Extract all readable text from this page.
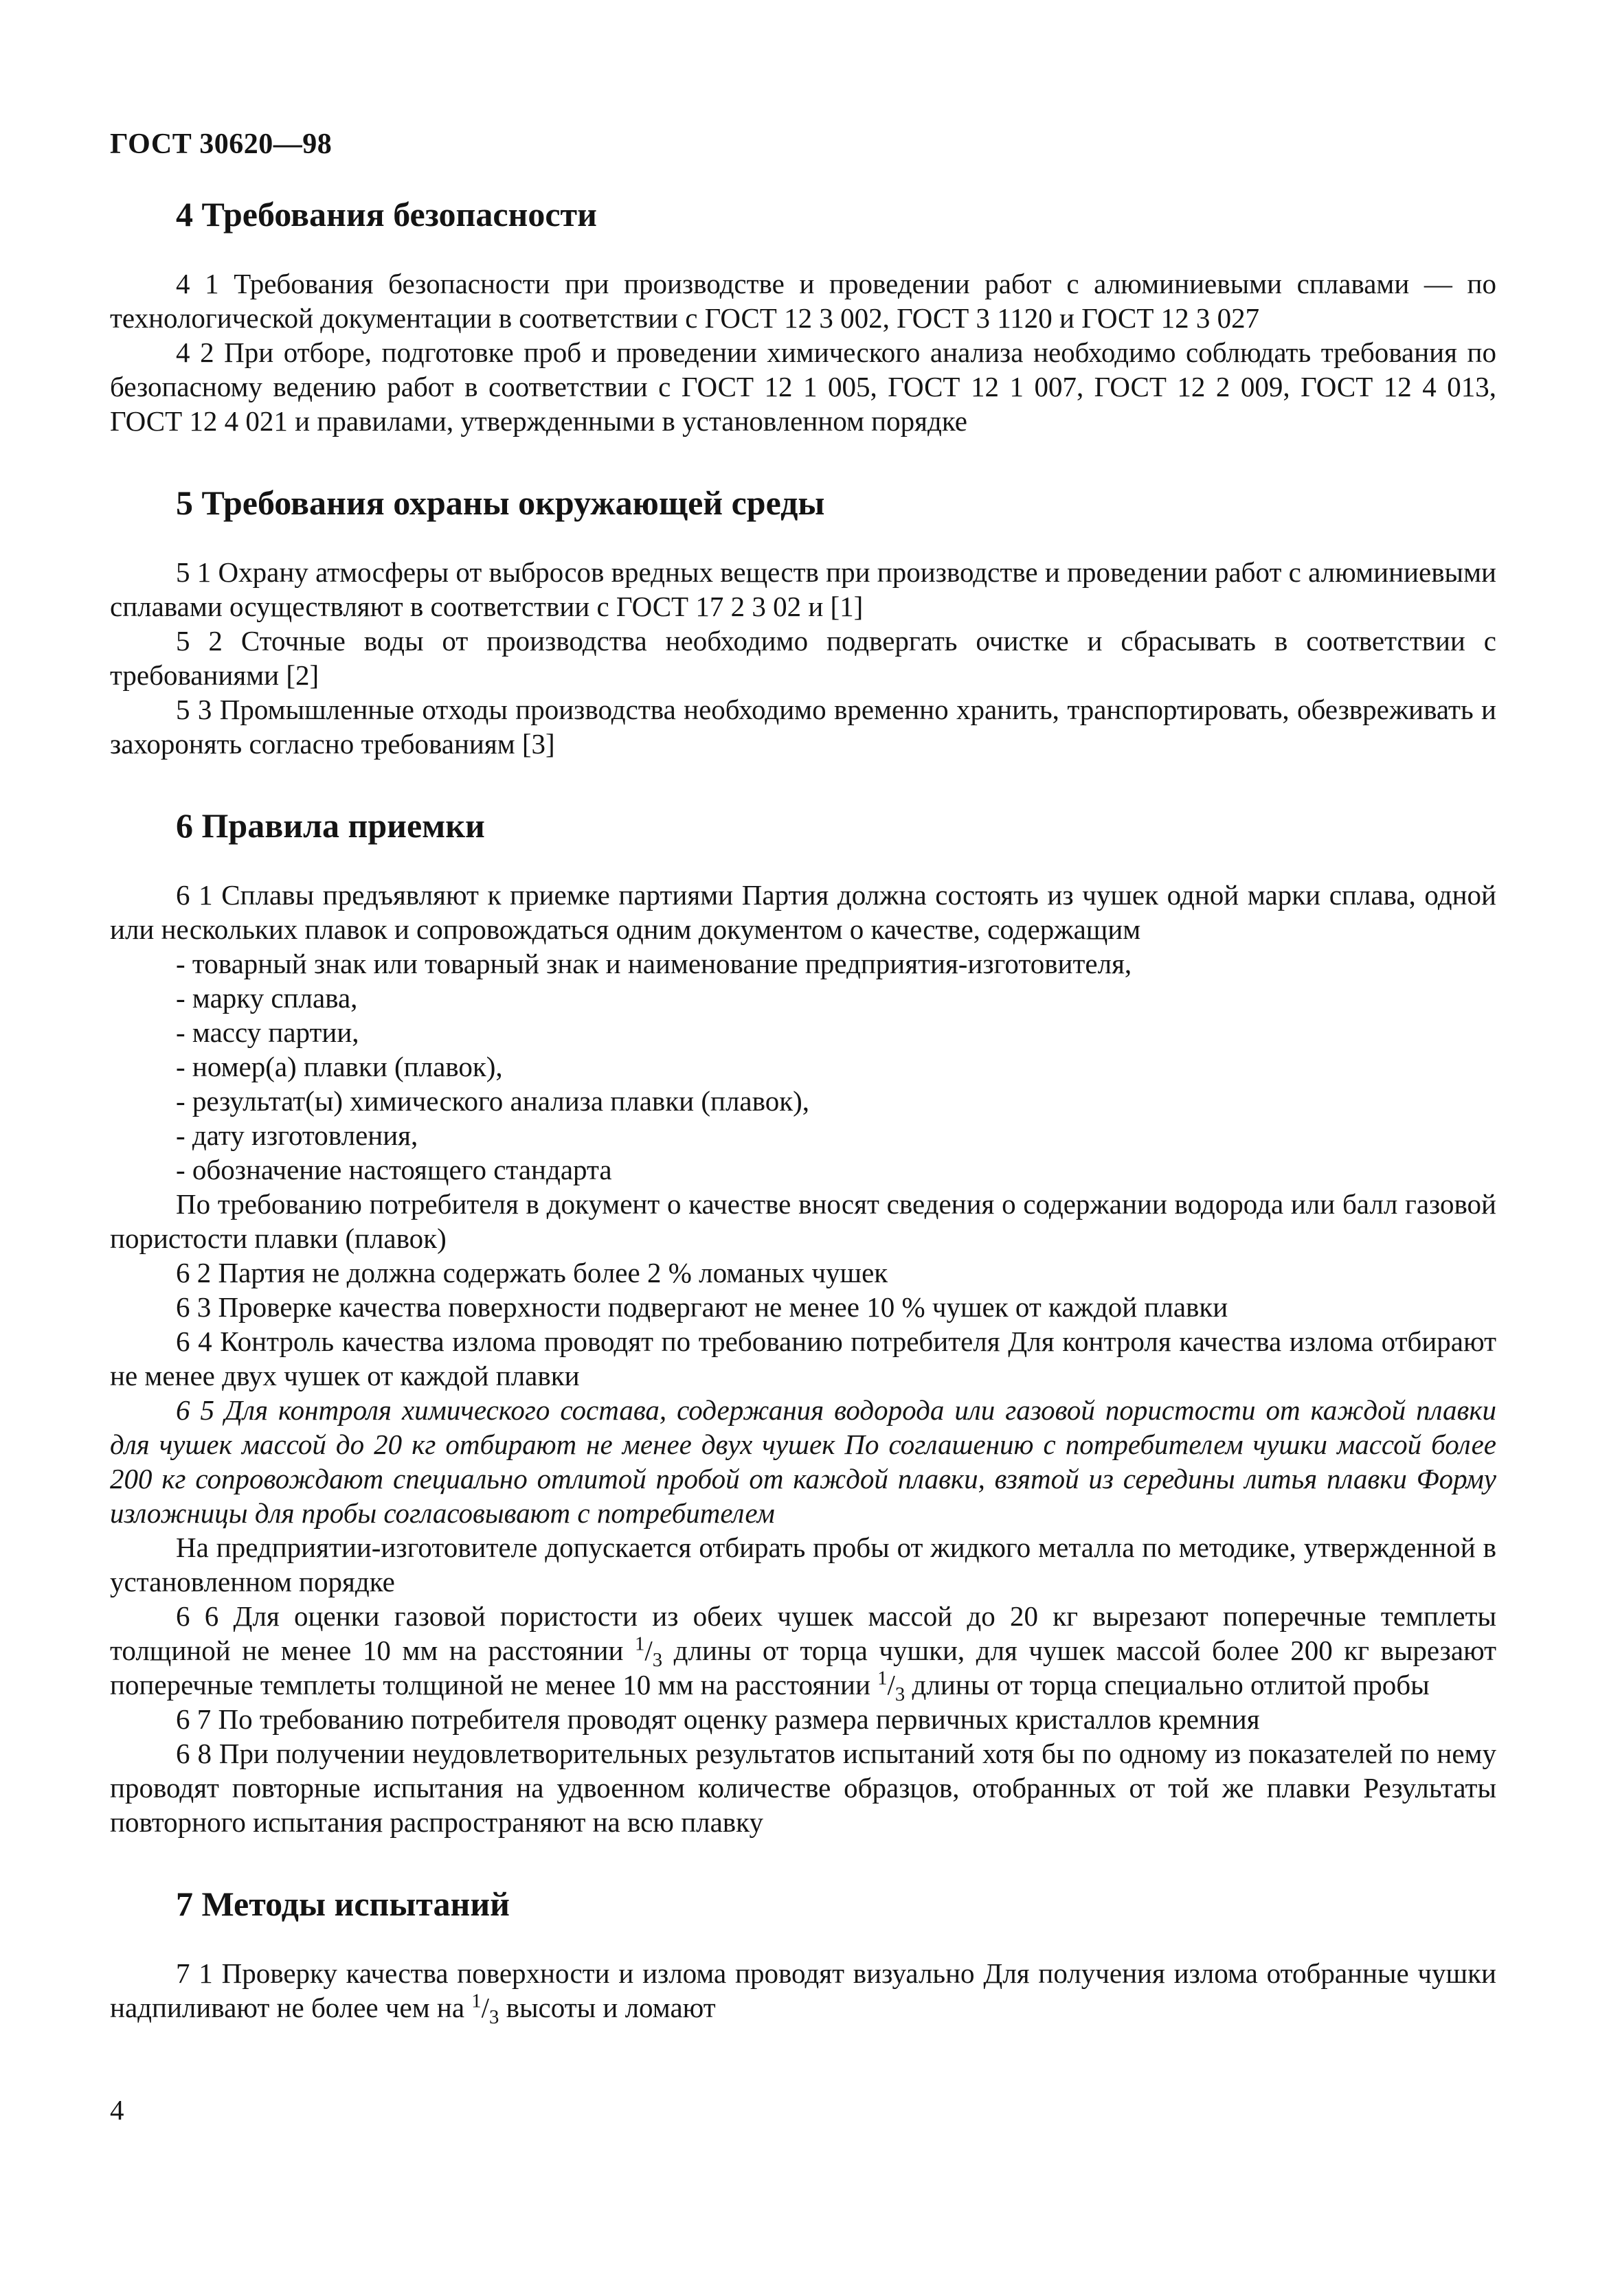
ГОСТ 30620—98
4 Требования безопасности

4 1 Требования безопасности при производстве и проведении работ с алюминиевыми сплавами — по технологической документации в соответствии с ГОСТ 12 3 002, ГОСТ 3 1120 и ГОСТ 12 3 027

4 2 При отборе, подготовке проб и проведении химического анализа необходимо соблюдать требования по безопасному ведению работ в соответствии с ГОСТ 12 1 005, ГОСТ 12 1 007, ГОСТ 12 2 009, ГОСТ 12 4 013, ГОСТ 12 4 021 и правилами, утвержденными в установленном порядке

5 Требования охраны окружающей среды

5 1 Охрану атмосферы от выбросов вредных веществ при производстве и проведении работ с алюминиевыми сплавами осуществляют в соответствии с ГОСТ 17 2 3 02 и [1]

5 2 Сточные воды от производства необходимо подвергать очистке и сбрасывать в соответствии с требованиями [2]

5 3 Промышленные отходы производства необходимо временно хранить, транспортировать, обезвреживать и захоронять согласно требованиям [3]

6 Правила приемки

6 1 Сплавы предъявляют к приемке партиями Партия должна состоять из чушек одной марки сплава, одной или нескольких плавок и сопровождаться одним документом о качестве, содержащим

- товарный знак или товарный знак и наименование предприятия-изготовителя,

- марку сплава,

- массу партии,

- номер(а) плавки (плавок),

- результат(ы) химического анализа плавки (плавок),

- дату изготовления,

- обозначение настоящего стандарта

По требованию потребителя в документ о качестве вносят сведения о содержании водорода или балл газовой пористости плавки (плавок)

6 2 Партия не должна содержать более 2 % ломаных чушек

6 3 Проверке качества поверхности подвергают не менее 10 % чушек от каждой плавки

6 4 Контроль качества излома проводят по требованию потребителя Для контроля качества излома отбирают не менее двух чушек от каждой плавки

6 5 Для контроля химического состава, содержания водорода или газовой пористости от каждой плавки для чушек массой до 20 кг отбирают не менее двух чушек По соглашению с потребителем чушки массой более 200 кг сопровождают специально отлитой пробой от каждой плавки, взятой из середины литья плавки Форму изложницы для пробы согласовывают с потребителем

На предприятии-изготовителе допускается отбирать пробы от жидкого металла по методике, утвержденной в установленном порядке

6 6 Для оценки газовой пористости из обеих чушек массой до 20 кг вырезают поперечные темплеты толщиной не менее 10 мм на расстоянии $^1/_3$ длины от торца чушки, для чушек массой более 200 кг вырезают поперечные темплеты толщиной не менее 10 мм на расстоянии $^1/_3$ длины от торца специально отлитой пробы

6 7 По требованию потребителя проводят оценку размера первичных кристаллов кремния

6 8 При получении неудовлетворительных результатов испытаний хотя бы по одному из показателей по нему проводят повторные испытания на удвоенном количестве образцов, отобранных от той же плавки Результаты повторного испытания распространяют на всю плавку

7 Методы испытаний

7 1 Проверку качества поверхности и излома проводят визуально Для получения излома отобранные чушки надпиливают не более чем на $^1/_3$ высоты и ломают

4
